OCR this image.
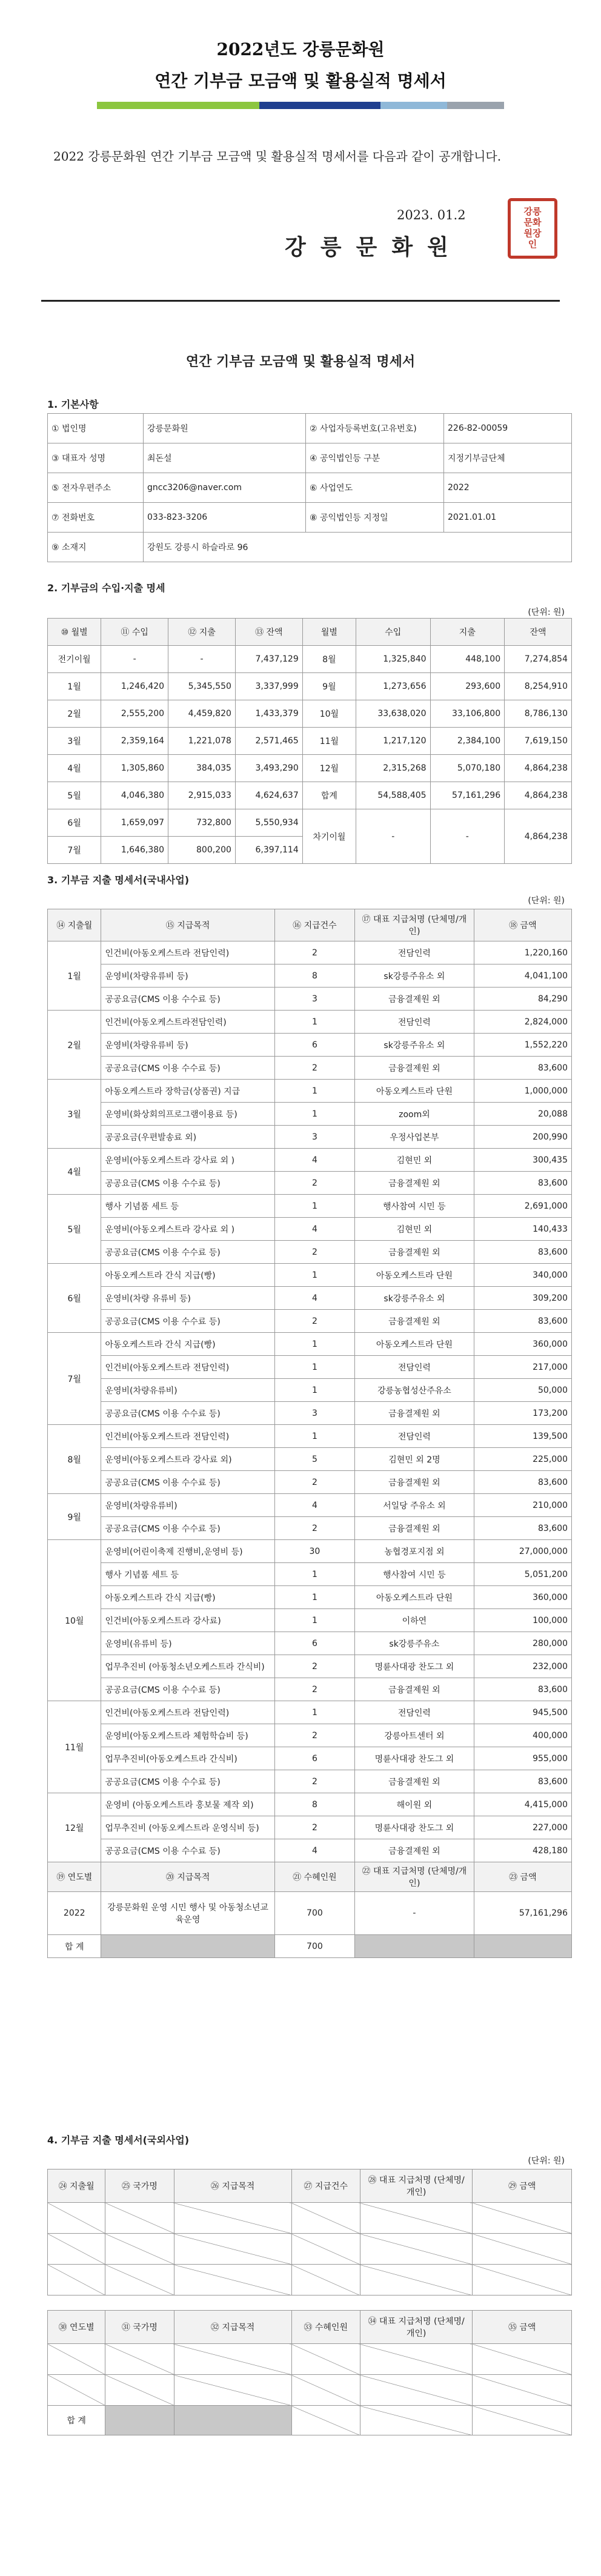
2022년도 강릉문화원
연간 기부금 모금액 및 활용실적 명세서
2022 강릉문화원 연간 기부금 모금액 및 활용실적 명세서를 다음과 같이 공개합니다.
2023. 01.2
강릉문화원
강릉
문화
원장
인
연간 기부금 모금액 및 활용실적 명세서
1. 기본사항
① 법인명	강릉문화원	② 사업자등록번호(고유번호)	226-82-00059
③ 대표자 성명	최돈설	④ 공익법인등 구분	지정기부금단체
⑤ 전자우편주소	gncc3206@naver.com	⑥ 사업연도	2022
⑦ 전화번호	033-823-3206	⑧ 공익법인등 지정일	2021.01.01
⑨ 소재지	강원도 강릉시 하슬라로 96		
2. 기부금의 수입·지출 명세
(단위: 원)
⑩ 월별	⑪ 수입	⑫ 지출	⑬ 잔액	월별	수입	지출	잔액
전기이월	-	-	7,437,129	8월	1,325,840	448,100	7,274,854
1월	1,246,420	5,345,550	3,337,999	9월	1,273,656	293,600	8,254,910
2월	2,555,200	4,459,820	1,433,379	10월	33,638,020	33,106,800	8,786,130
3월	2,359,164	1,221,078	2,571,465	11월	1,217,120	2,384,100	7,619,150
4월	1,305,860	384,035	3,493,290	12월	2,315,268	5,070,180	4,864,238
5월	4,046,380	2,915,033	4,624,637	합계	54,588,405	57,161,296	4,864,238
6월	1,659,097	732,800	5,550,934	차기이월	-	-	4,864,238
7월	1,646,380	800,200	6,397,114				
3. 기부금 지출 명세서(국내사업)
(단위: 원)
⑭ 지출월	⑮ 지급목적	⑯ 지급건수	⑰ 대표 지급처명 (단체명/개인)	⑱ 금액
1월	인건비(아동오케스트라 전담인력)	2	전담인력	1,220,160
	운영비(차량유류비 등)	8	sk강릉주유소 외	4,041,100
	공공요금(CMS 이용 수수료 등)	3	금융결제원 외	84,290
2월	인건비(아동오케스트라전담인력)	1	전담인력	2,824,000
	운영비(차량유류비 등)	6	sk강릉주유소 외	1,552,220
	공공요금(CMS 이용 수수료 등)	2	금융결제원 외	83,600
3월	아동오케스트라 장학금(상품권) 지급	1	아동오케스트라 단원	1,000,000
	운영비(화상회의프로그램이용료 등)	1	zoom외	20,088
	공공요금(우편발송료 외)	3	우정사업본부	200,990
4월	운영비(아동오케스트라 강사료 외 )	4	김현민 외	300,435
	공공요금(CMS 이용 수수료 등)	2	금융결제원 외	83,600
5월	행사 기념품 세트 등	1	행사참여 시민 등	2,691,000
	운영비(아동오케스트라 강사료 외 )	4	김현민 외	140,433
	공공요금(CMS 이용 수수료 등)	2	금융결제원 외	83,600
6월	아동오케스트라 간식 지급(빵)	1	아동오케스트라 단원	340,000
	운영비(차량 유류비 등)	4	sk강릉주유소 외	309,200
	공공요금(CMS 이용 수수료 등)	2	금융결제원 외	83,600
7월	아동오케스트라 간식 지급(빵)	1	아동오케스트라 단원	360,000
	인건비(아동오케스트라 전담인력)	1	전담인력	217,000
	운영비(차량유류비)	1	강릉농협성산주유소	50,000
	공공요금(CMS 이용 수수료 등)	3	금융결제원 외	173,200
8월	인건비(아동오케스트라 전담인력)	1	전담인력	139,500
	운영비(아동오케스트라 강사료 외)	5	김현민 외 2명	225,000
	공공요금(CMS 이용 수수료 등)	2	금융결제원 외	83,600
9월	운영비(차량유류비)	4	서일당 주유소 외	210,000
	공공요금(CMS 이용 수수료 등)	2	금융결제원 외	83,600
10월	운영비(어린이축제 진행비,운영비 등)	30	농협경포지점 외	27,000,000
	행사 기념품 세트 등	1	행사참여 시민 등	5,051,200
	아동오케스트라 간식 지급(빵)	1	아동오케스트라 단원	360,000
	인건비(아동오케스트라 강사료)	1	이하연	100,000
	운영비(유류비 등)	6	sk강릉주유소	280,000
	업무추진비 (아동청소년오케스트라 간식비)	2	명륜사대광 찬도그 외	232,000
	공공요금(CMS 이용 수수료 등)	2	금융결제원 외	83,600
11월	인건비(아동오케스트라 전담인력)	1	전담인력	945,500
	운영비(아동오케스트라 체험학습비 등)	2	강릉아트센터 외	400,000
	업무추진비(아동오케스트라 간식비)	6	명륜사대광 찬도그 외	955,000
	공공요금(CMS 이용 수수료 등)	2	금융결제원 외	83,600
12월	운영비 (아동오케스트라 홍보물 제작 외)	8	해이원 외	4,415,000
	업무추진비 (아동오케스트라 운영식비 등)	2	명륜사대광 찬도그 외	227,000
	공공요금(CMS 이용 수수료 등)	4	금융결제원 외	428,180
⑲ 연도별	⑳ 지급목적	㉑ 수혜인원	㉒ 대표 지급처명 (단체명/개인)	㉓ 금액
2022	강릉문화원 운영 시민 행사 및 아동청소년교육운영	700	-	57,161,296
합 계		700		
4. 기부금 지출 명세서(국외사업)
(단위: 원)
㉔ 지출월	㉕ 국가명	㉖ 지급목적	㉗ 지급건수	㉘ 대표 지급처명 (단체명/개인)	㉙ 금액

㉚ 연도별	㉛ 국가명	㉜ 지급목적	㉝ 수혜인원	㉞ 대표 지급처명 (단체명/개인)	㉟ 금액

합 계					
